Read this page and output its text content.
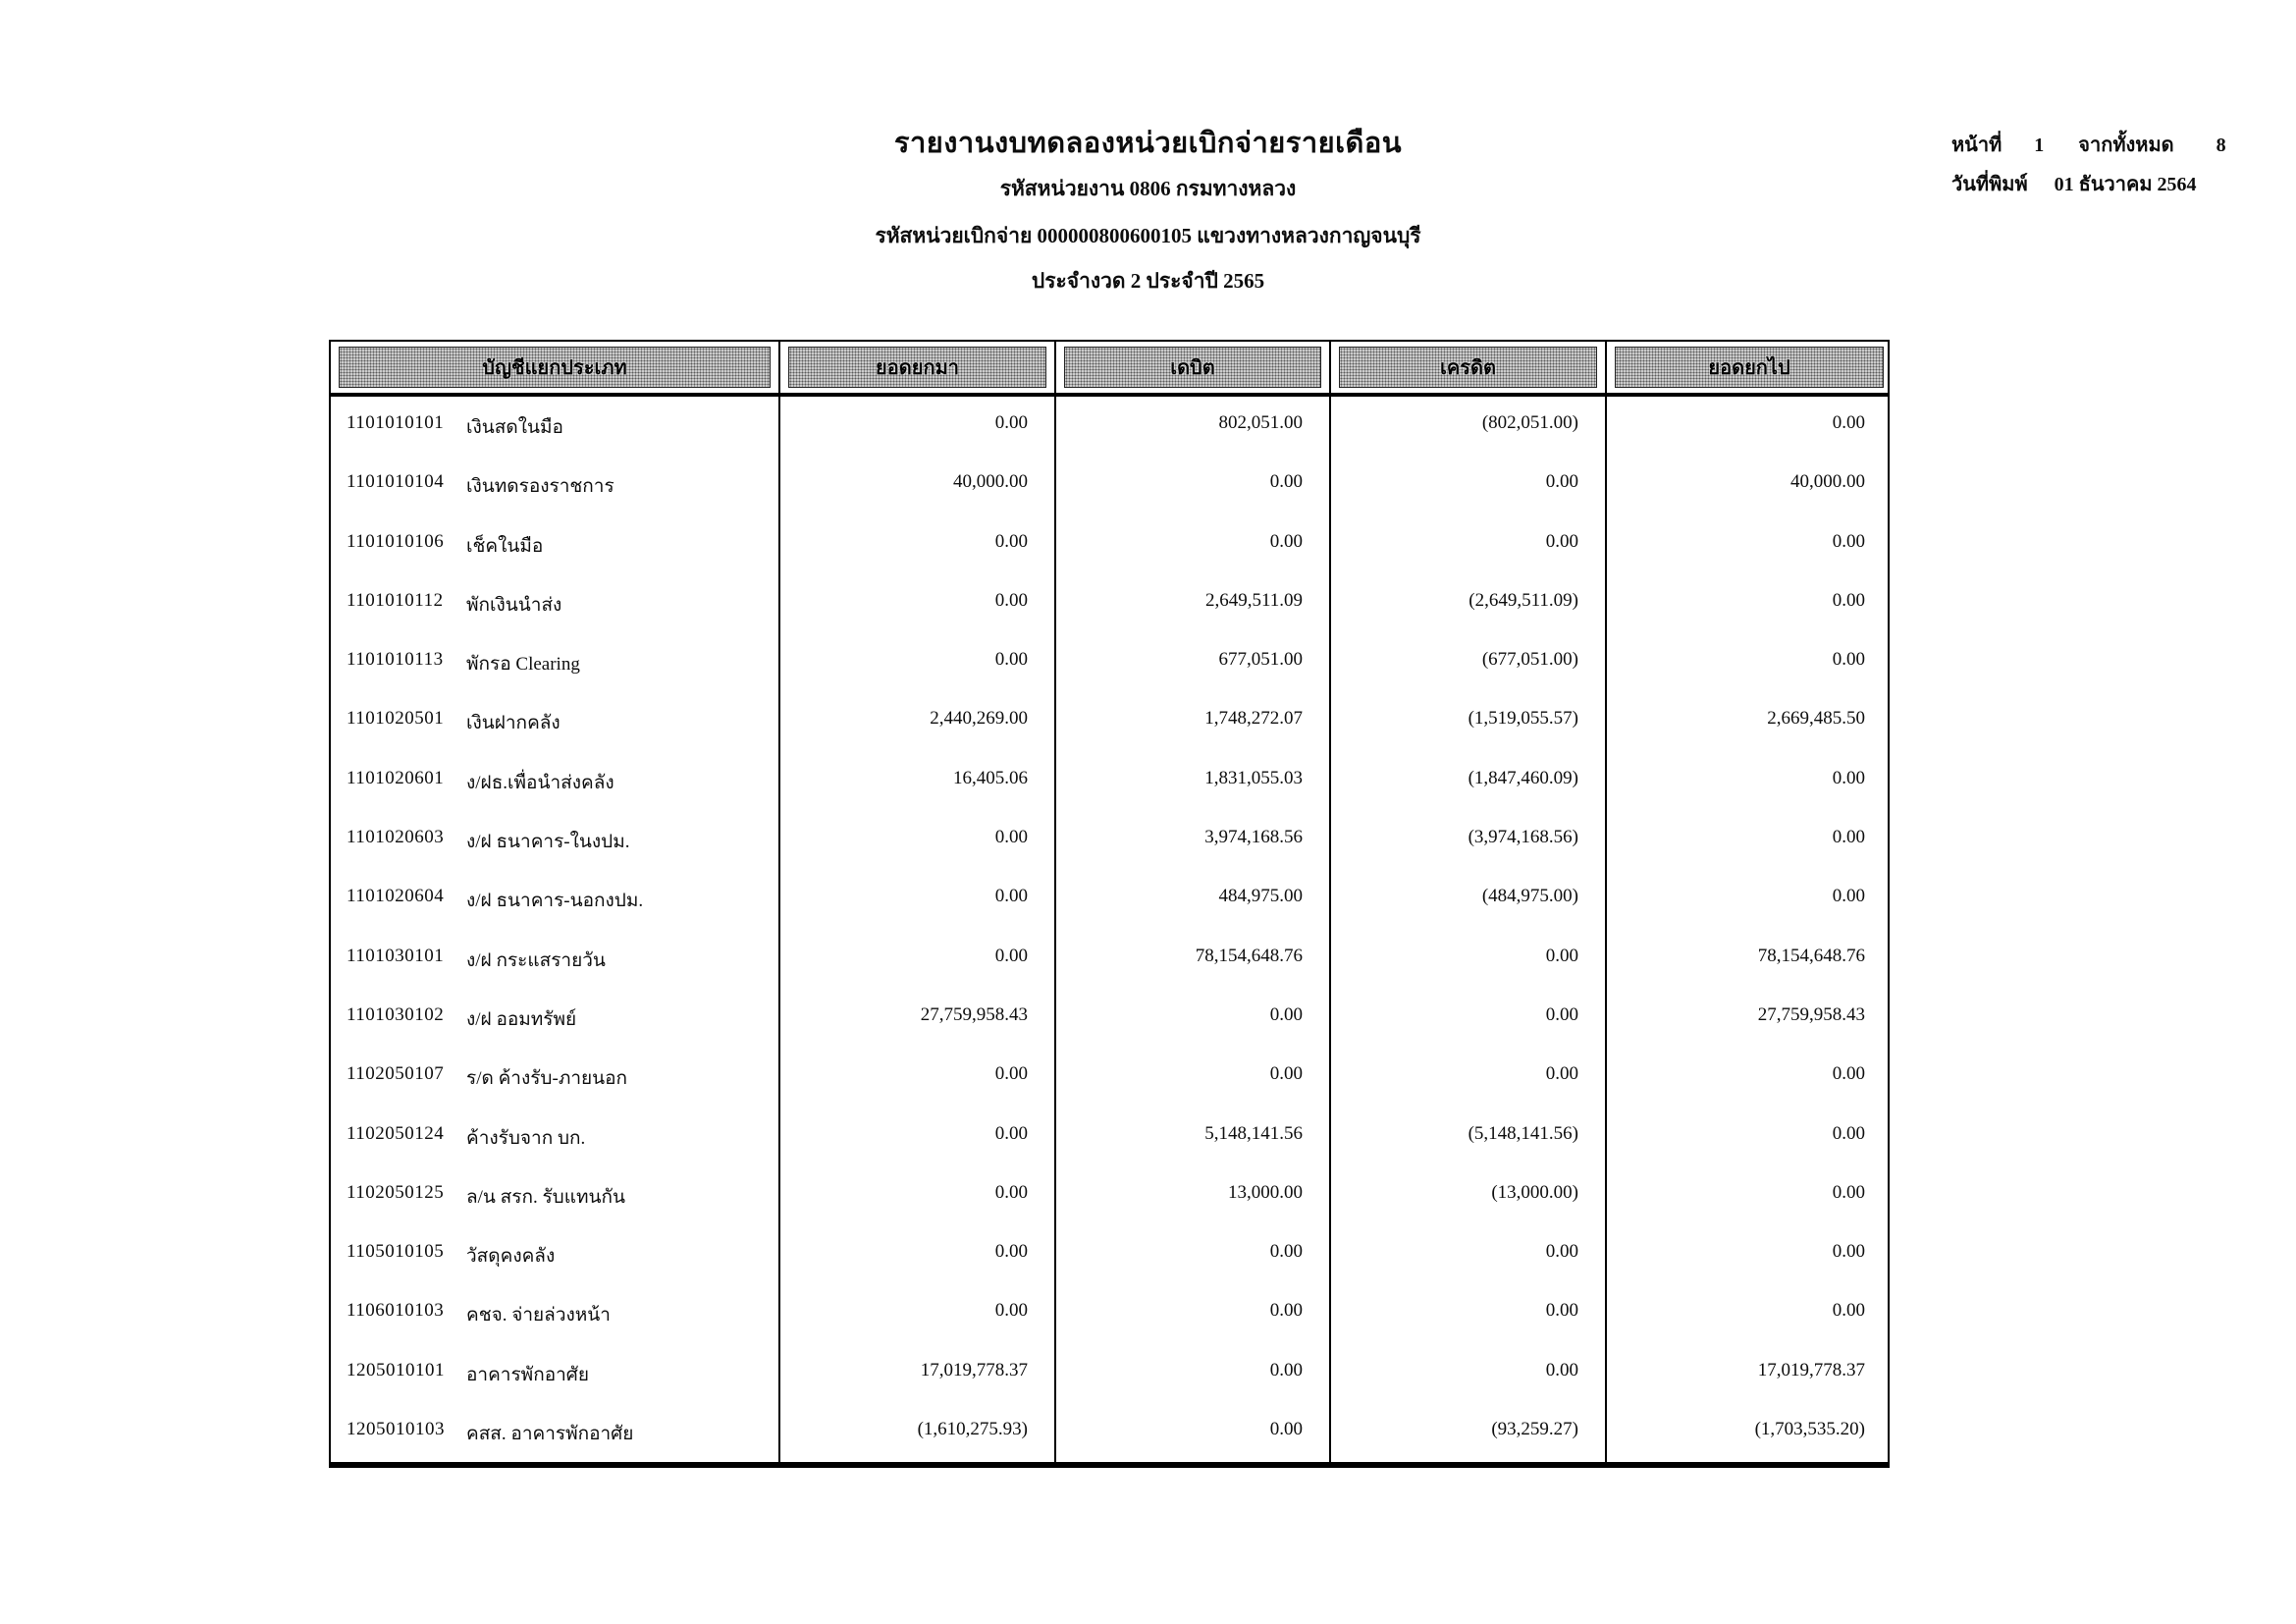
รายงานงบทดลองหน่วยเบิกจ่ายรายเดือน
รหัสหน่วยงาน 0806 กรมทางหลวง
รหัสหน่วยเบิกจ่าย 000000800600105 แขวงทางหลวงกาญจนบุรี
ประจำงวด 2 ประจำปี 2565
หน้าที่ 1 จากทั้งหมด 8
วันที่พิมพ์ 01 ธันวาคม 2564
บัญชีแยกประเภท	ยอดยกมา	เดบิต	เครดิต	ยอดยกไป
1101010101	เงินสดในมือ	0.00	802,051.00	(802,051.00)	0.00
1101010104	เงินทดรองราชการ	40,000.00	0.00	0.00	40,000.00
1101010106	เช็คในมือ	0.00	0.00	0.00	0.00
1101010112	พักเงินนำส่ง	0.00	2,649,511.09	(2,649,511.09)	0.00
1101010113	พักรอ Clearing	0.00	677,051.00	(677,051.00)	0.00
1101020501	เงินฝากคลัง	2,440,269.00	1,748,272.07	(1,519,055.57)	2,669,485.50
1101020601	ง/ฝธ.เพื่อนำส่งคลัง	16,405.06	1,831,055.03	(1,847,460.09)	0.00
1101020603	ง/ฝ ธนาคาร-ในงปม.	0.00	3,974,168.56	(3,974,168.56)	0.00
1101020604	ง/ฝ ธนาคาร-นอกงปม.	0.00	484,975.00	(484,975.00)	0.00
1101030101	ง/ฝ กระแสรายวัน	0.00	78,154,648.76	0.00	78,154,648.76
1101030102	ง/ฝ ออมทรัพย์	27,759,958.43	0.00	0.00	27,759,958.43
1102050107	ร/ด ค้างรับ-ภายนอก	0.00	0.00	0.00	0.00
1102050124	ค้างรับจาก บก.	0.00	5,148,141.56	(5,148,141.56)	0.00
1102050125	ล/น สรก. รับแทนกัน	0.00	13,000.00	(13,000.00)	0.00
1105010105	วัสดุคงคลัง	0.00	0.00	0.00	0.00
1106010103	คชจ. จ่ายล่วงหน้า	0.00	0.00	0.00	0.00
1205010101	อาคารพักอาศัย	17,019,778.37	0.00	0.00	17,019,778.37
1205010103	คสส. อาคารพักอาศัย	(1,610,275.93)	0.00	(93,259.27)	(1,703,535.20)
